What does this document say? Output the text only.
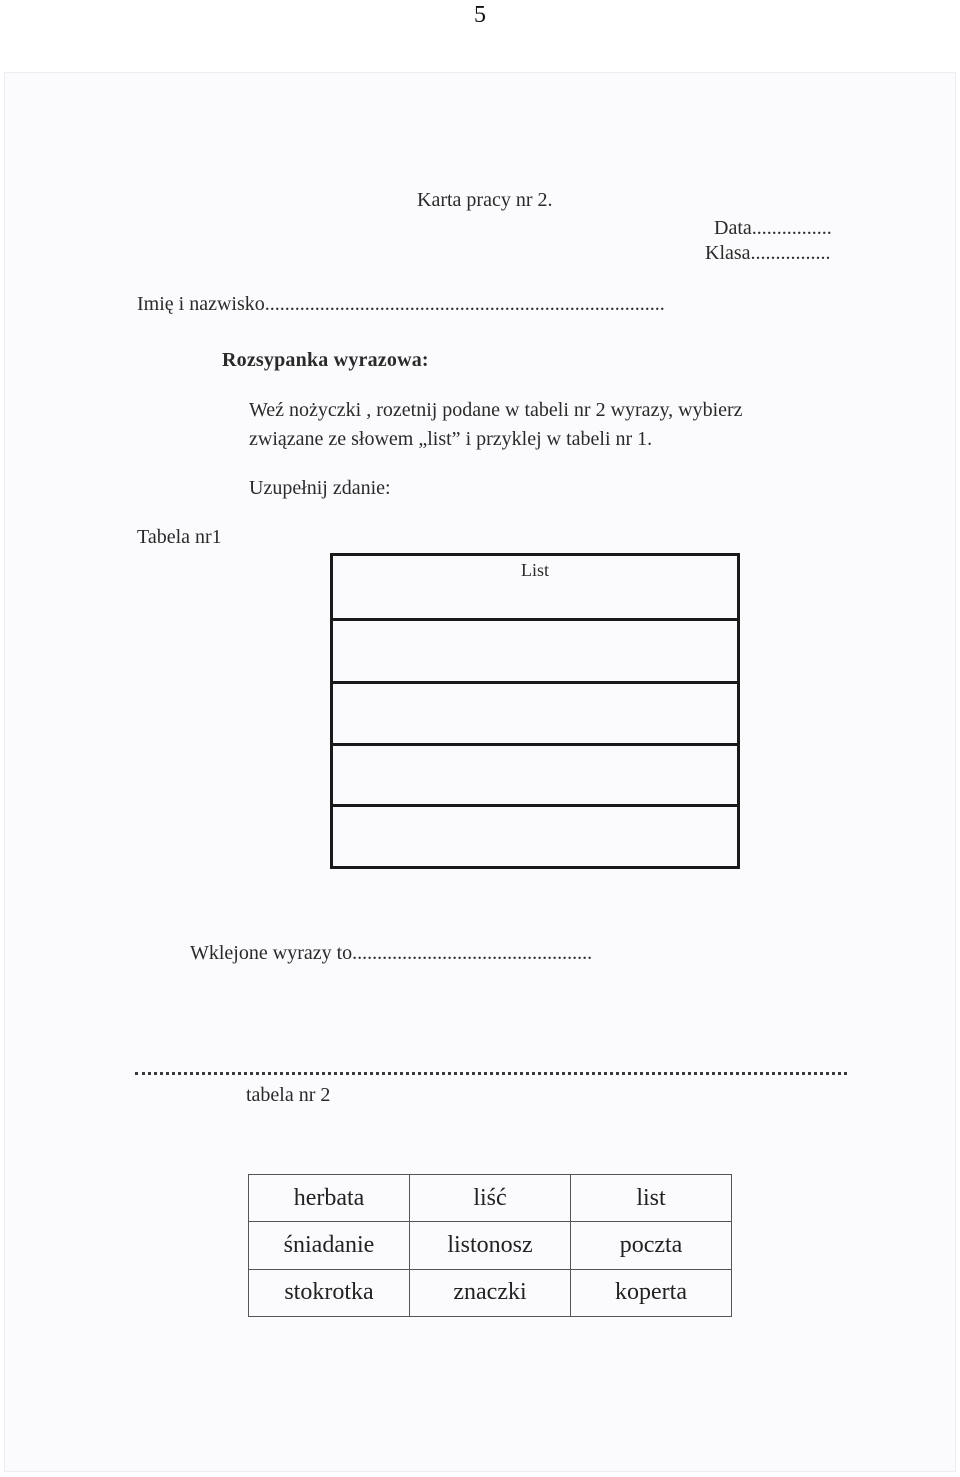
5
Karta pracy nr 2.
Data................
Klasa................
Imię i nazwisko................................................................................
Rozsypanka wyrazowa:
Weź nożyczki , rozetnij podane w tabeli nr 2 wyrazy, wybierz
związane ze słowem „list” i przyklej w tabeli nr 1.
Uzupełnij zdanie:
Tabela nr1
List
Wklejone wyrazy to................................................
tabela nr 2
herbata	liść	list
śniadanie	listonosz	poczta
stokrotka	znaczki	koperta
